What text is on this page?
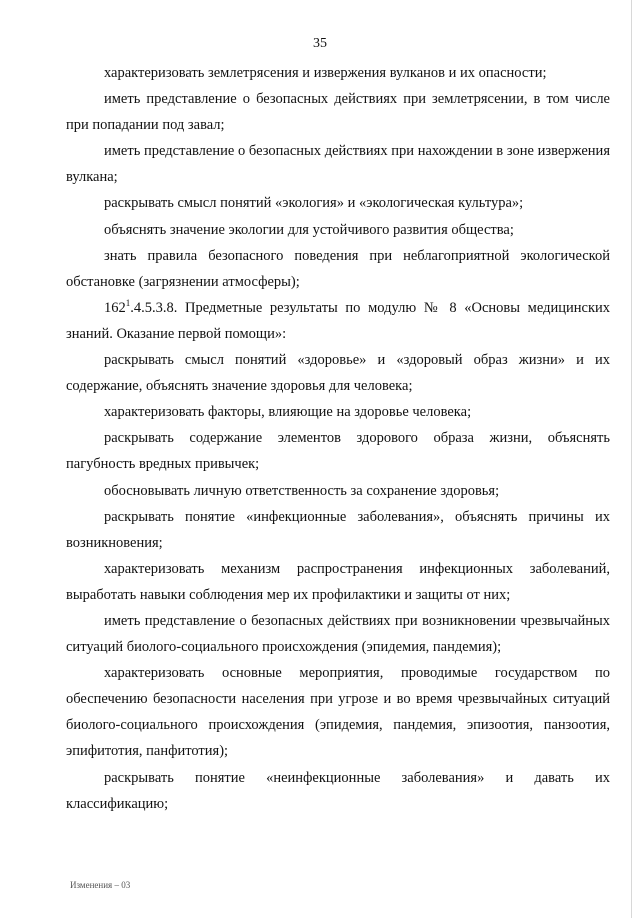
35

характеризовать землетрясения и извержения вулканов и их опасности;

иметь представление о безопасных действиях при землетрясении, в том числе при попадании под завал;

иметь представление о безопасных действиях при нахождении в зоне извержения вулкана;

раскрывать смысл понятий «экология» и «экологическая культура»;

объяснять значение экологии для устойчивого развития общества;

знать правила безопасного поведения при неблагоприятной экологической обстановке (загрязнении атмосферы);

$162^1.4.5.3.8$. Предметные результаты по модулю № 8 «Основы медицинских знаний. Оказание первой помощи»:

раскрывать смысл понятий «здоровье» и «здоровый образ жизни» и их содержание, объяснять значение здоровья для человека;

характеризовать факторы, влияющие на здоровье человека;

раскрывать содержание элементов здорового образа жизни, объяснять пагубность вредных привычек;

обосновывать личную ответственность за сохранение здоровья;

раскрывать понятие «инфекционные заболевания», объяснять причины их возникновения;

характеризовать механизм распространения инфекционных заболеваний, выработать навыки соблюдения мер их профилактики и защиты от них;

иметь представление о безопасных действиях при возникновении чрезвычайных ситуаций биолого-социального происхождения (эпидемия, пандемия);

характеризовать основные мероприятия, проводимые государством по обеспечению безопасности населения при угрозе и во время чрезвычайных ситуаций биолого-социального происхождения (эпидемия, пандемия, эпизоотия, панзоотия, эпифитотия, панфитотия);

раскрывать понятие «неинфекционные заболевания» и давать их классификацию;

Изменения – 03
